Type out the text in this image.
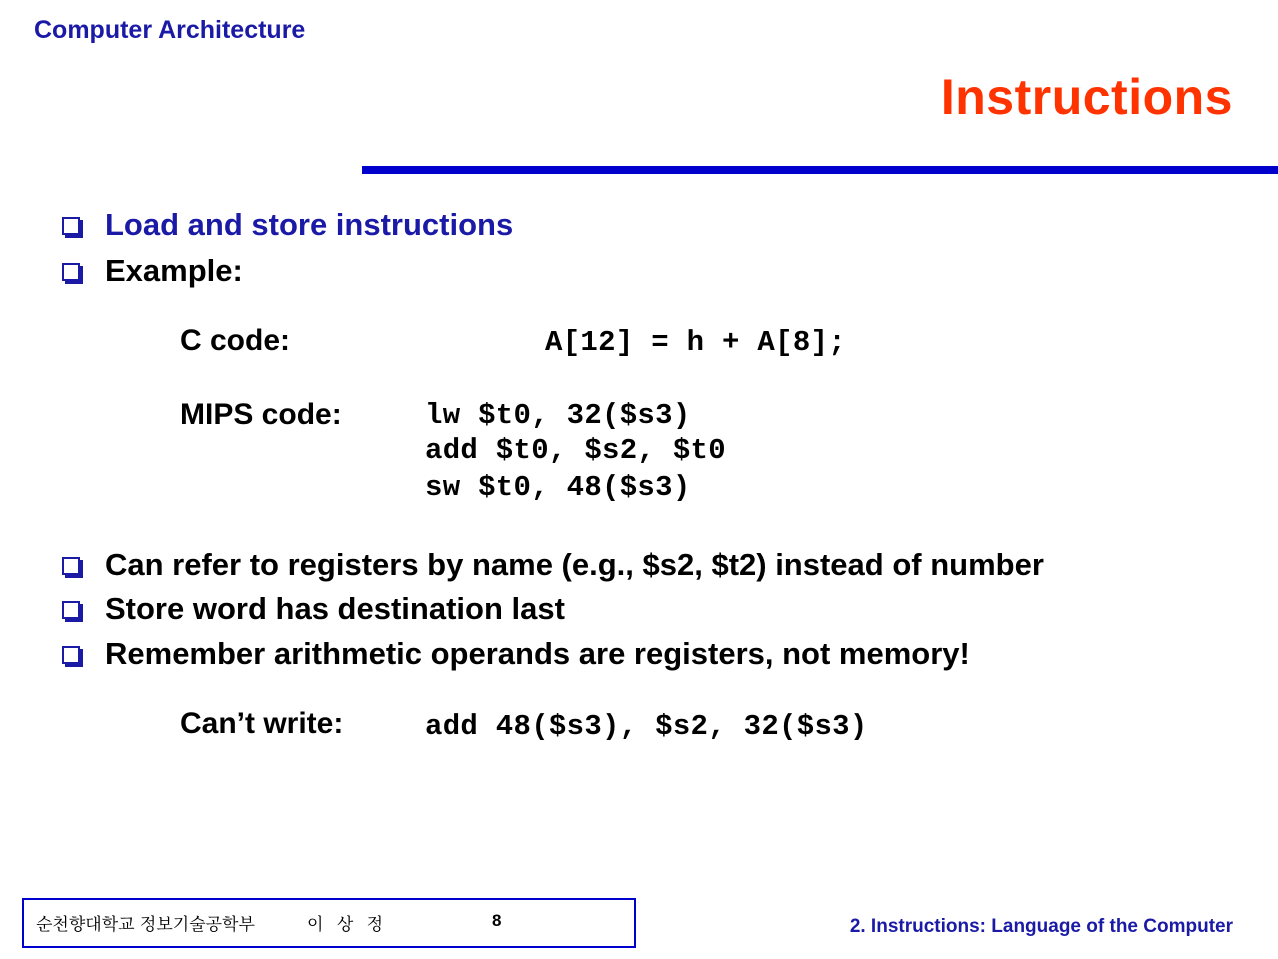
Computer Architecture
Instructions
Load and store instructions
Example:
C code:	A[12] = h + A[8];
MIPS code:	lw $t0, 32($s3)
add $t0, $s2, $t0
sw $t0, 48($s3)
Can refer to registers by name (e.g., $s2, $t2) instead of number
Store word has destination last
Remember arithmetic operands are registers, not memory!
Can’t write:	add 48($s3), $s2, 32($s3)
순천향대학교 정보기술공학부	이 상 정	8	2. Instructions: Language of the Computer
